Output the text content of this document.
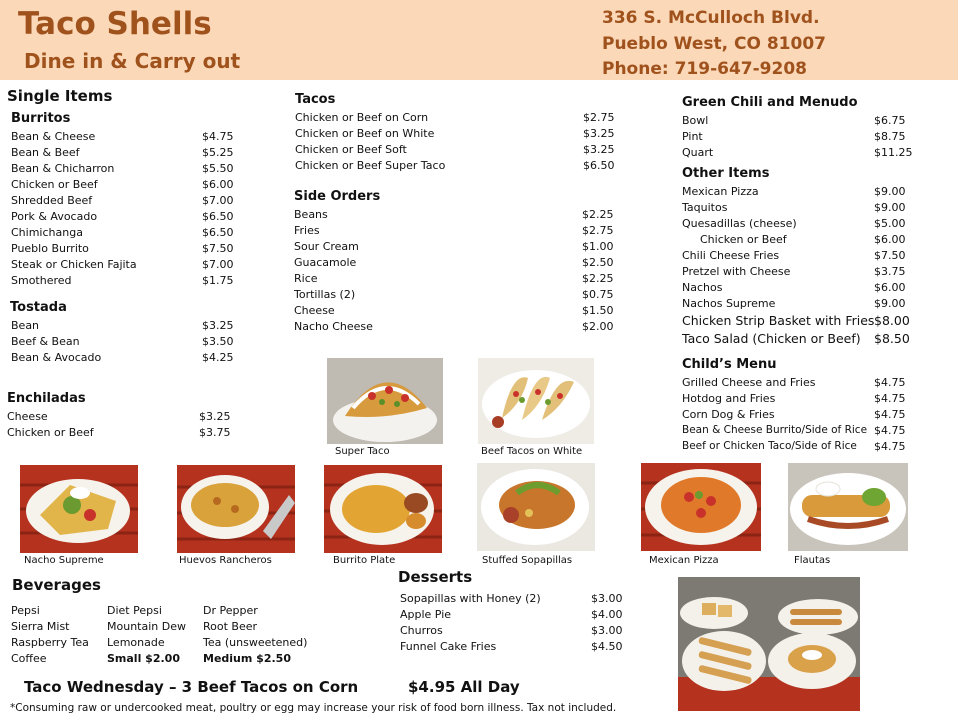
Taco Shells
Dine in & Carry out
336 S. McCulloch Blvd.
Pueblo West, CO 81007
Phone: 719-647-9208
Single Items
Burritos
Bean & Cheese	$4.75
Bean & Beef	$5.25
Bean & Chicharron	$5.50
Chicken or Beef	$6.00
Shredded Beef	$7.00
Pork & Avocado	$6.50
Chimichanga	$6.50
Pueblo Burrito	$7.50
Steak or Chicken Fajita	$7.00
Smothered	$1.75
Tostada
Bean	$3.25
Beef & Bean	$3.50
Bean & Avocado	$4.25
Enchiladas
Cheese	$3.25
Chicken or Beef	$3.75
Tacos
Chicken or Beef on Corn	$2.75
Chicken or Beef on White	$3.25
Chicken or Beef Soft	$3.25
Chicken or Beef Super Taco	$6.50
Side Orders
Beans	$2.25
Fries	$2.75
Sour Cream	$1.00
Guacamole	$2.50
Rice	$2.25
Tortillas (2)	$0.75
Cheese	$1.50
Nacho Cheese	$2.00
Green Chili and Menudo
Bowl	$6.75
Pint	$8.75
Quart	$11.25
Other Items
Mexican Pizza	$9.00
Taquitos	$9.00
Quesadillas (cheese)	$5.00
Chicken or Beef	$6.00
Chili Cheese Fries	$7.50
Pretzel with Cheese	$3.75
Nachos	$6.00
Nachos Supreme	$9.00
Chicken Strip Basket with Fries $8.00
Taco Salad (Chicken or Beef) $8.50
Child’s Menu
Grilled Cheese and Fries	$4.75
Hotdog and Fries	$4.75
Corn Dog & Fries	$4.75
Bean & Cheese Burrito/Side of Rice $4.75
Beef or Chicken Taco/Side of Rice $4.75
Super Taco	Beef Tacos on White
Nacho Supreme	Huevos Rancheros	Burrito Plate	Stuffed Sopapillas	Mexican Pizza	Flautas
Beverages
Pepsi
Sierra Mist
Raspberry Tea
Coffee
Diet Pepsi
Mountain Dew
Lemonade
Small $2.00
Dr Pepper
Root Beer
Tea (unsweetened)
Medium $2.50
Desserts
Sopapillas with Honey (2)	$3.00
Apple Pie	$4.00
Churros	$3.00
Funnel Cake Fries	$4.50
Taco Wednesday – 3 Beef Tacos on Corn	$4.95 All Day
*Consuming raw or undercooked meat, poultry or egg may increase your risk of food born illness. Tax not included.
